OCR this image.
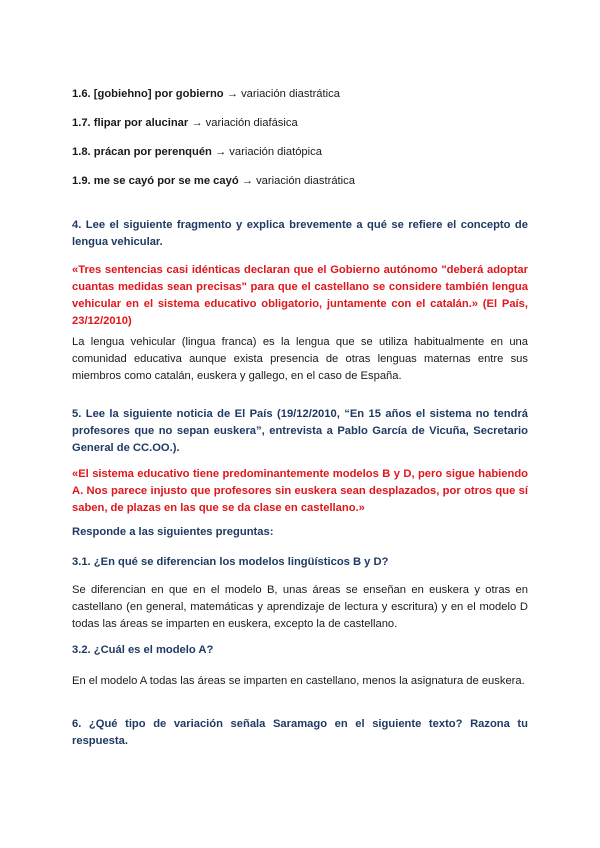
1.6. [gobiehno] por gobierno → variación diastrática
1.7. flipar por alucinar → variación diafásica
1.8. prácan por perenquén → variación diatópica
1.9. me se cayó por se me cayó → variación diastrática
4. Lee el siguiente fragmento y explica brevemente a qué se refiere el concepto de lengua vehicular.
«Tres sentencias casi idénticas declaran que el Gobierno autónomo "deberá adoptar cuantas medidas sean precisas" para que el castellano se considere también lengua vehicular en el sistema educativo obligatorio, juntamente con el catalán.» (El País, 23/12/2010)
La lengua vehicular (lingua franca) es la lengua que se utiliza habitualmente en una comunidad educativa aunque exista presencia de otras lenguas maternas entre sus miembros como catalán, euskera y gallego, en el caso de España.
5. Lee la siguiente noticia de El País (19/12/2010, “En 15 años el sistema no tendrá profesores que no sepan euskera”, entrevista a Pablo García de Vicuña, Secretario General de CC.OO.).
«El sistema educativo tiene predominantemente modelos B y D, pero sigue habiendo A. Nos parece injusto que profesores sin euskera sean desplazados, por otros que sí saben, de plazas en las que se da clase en castellano.»
Responde a las siguientes preguntas:
3.1. ¿En qué se diferencian los modelos lingüísticos B y D?
Se diferencian en que en el modelo B, unas áreas se enseñan en euskera y otras en castellano (en general, matemáticas y aprendizaje de lectura y escritura) y en el modelo D todas las áreas se imparten en euskera, excepto la de castellano.
3.2. ¿Cuál es el modelo A?
En el modelo A todas las áreas se imparten en castellano, menos la asignatura de euskera.
6. ¿Qué tipo de variación señala Saramago en el siguiente texto? Razona tu respuesta.
